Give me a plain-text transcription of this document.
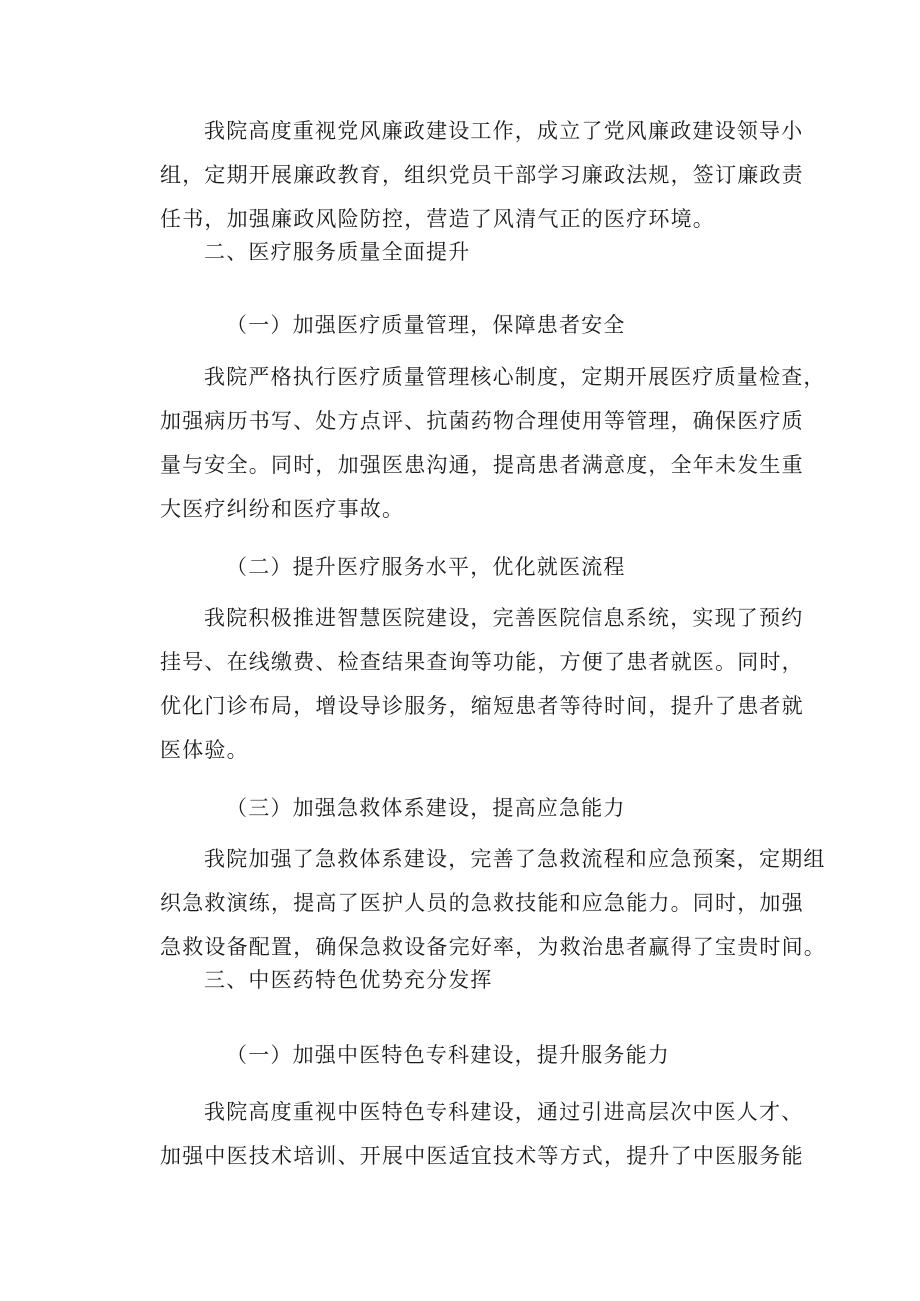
我院高度重视党风廉政建设工作，成立了党风廉政建设领导小
组，定期开展廉政教育，组织党员干部学习廉政法规，签订廉政责
任书，加强廉政风险防控，营造了风清气正的医疗环境。
二、医疗服务质量全面提升
（一）加强医疗质量管理，保障患者安全
我院严格执行医疗质量管理核心制度，定期开展医疗质量检查，
加强病历书写、处方点评、抗菌药物合理使用等管理，确保医疗质
量与安全。同时，加强医患沟通，提高患者满意度，全年未发生重
大医疗纠纷和医疗事故。
（二）提升医疗服务水平，优化就医流程
我院积极推进智慧医院建设，完善医院信息系统，实现了预约
挂号、在线缴费、检查结果查询等功能，方便了患者就医。同时，
优化门诊布局，增设导诊服务，缩短患者等待时间，提升了患者就
医体验。
（三）加强急救体系建设，提高应急能力
我院加强了急救体系建设，完善了急救流程和应急预案，定期组
织急救演练，提高了医护人员的急救技能和应急能力。同时，加强
急救设备配置，确保急救设备完好率，为救治患者赢得了宝贵时间。
三、中医药特色优势充分发挥
（一）加强中医特色专科建设，提升服务能力
我院高度重视中医特色专科建设，通过引进高层次中医人才、
加强中医技术培训、开展中医适宜技术等方式，提升了中医服务能
